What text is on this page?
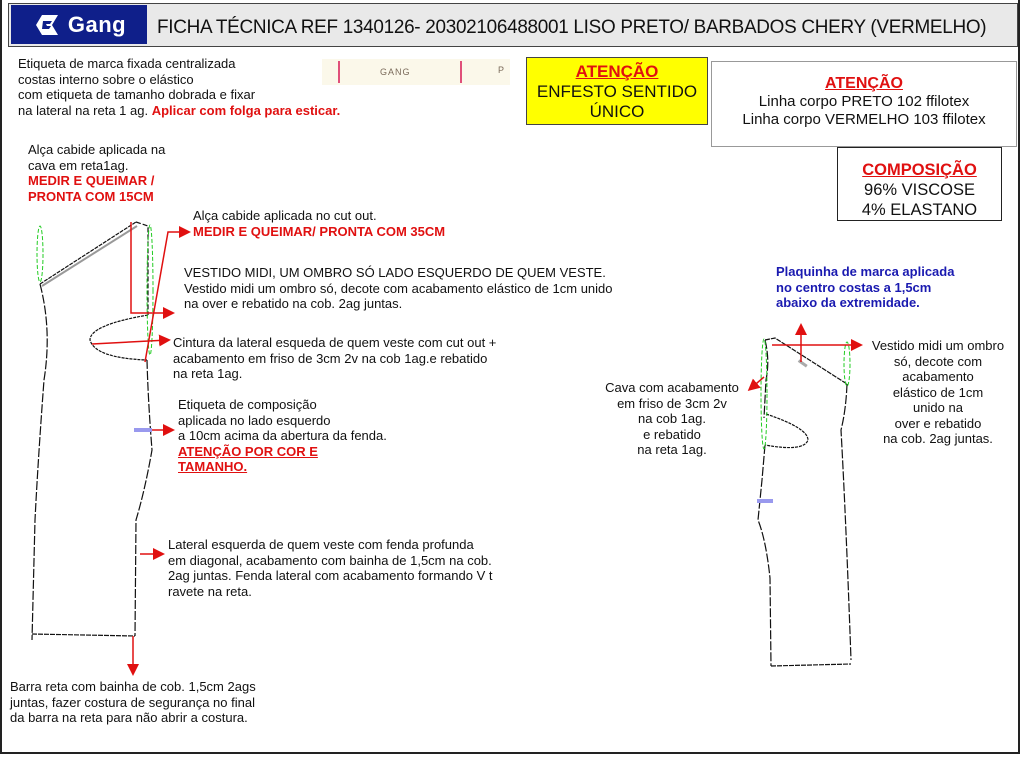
Gang FICHA TÉCNICA REF 1340126- 20302106488001 LISO PRETO/ BARBADOS CHERY (VERMELHO)
Etiqueta de marca fixada centralizada
costas interno sobre o elástico
com etiqueta de tamanho dobrada e fixar
na lateral na reta 1 ag. Aplicar com folga para esticar.
GANG	P	ATENÇÃO
ENFESTO SENTIDO
ÚNICO
ATENÇÃO
Linha corpo PRETO 102 ffilotex
Linha corpo VERMELHO 103 ffilotex
COMPOSIÇÃO
96% VISCOSE
4% ELASTANO
Alça cabide aplicada na
cava em reta1ag.
MEDIR E QUEIMAR /
PRONTA COM 15CM
Alça cabide aplicada no cut out.
MEDIR E QUEIMAR/ PRONTA COM 35CM
VESTIDO MIDI, UM OMBRO SÓ LADO ESQUERDO DE QUEM VESTE.
Vestido midi um ombro só, decote com acabamento elástico de 1cm unido
na over e rebatido na cob. 2ag juntas.
Cintura da lateral esqueda de quem veste com cut out +
acabamento em friso de 3cm 2v na cob 1ag.e rebatido
na reta 1ag.
Etiqueta de composição
aplicada no lado esquerdo
a 10cm acima da abertura da fenda.
ATENÇÃO POR COR E
TAMANHO.
Lateral esquerda de quem veste com fenda profunda
em diagonal, acabamento com bainha de 1,5cm na cob.
2ag juntas. Fenda lateral com acabamento formando V t
ravete na reta.
Barra reta com bainha de cob. 1,5cm 2ags
juntas, fazer costura de segurança no final
da barra na reta para não abrir a costura.
Plaquinha de marca aplicada
no centro costas a 1,5cm
abaixo da extremidade.
Vestido midi um ombro
só, decote com
acabamento
elástico de 1cm
unido na
over e rebatido
na cob. 2ag juntas.
Cava com acabamento
em friso de 3cm 2v
na cob 1ag.
e rebatido
na reta 1ag.
